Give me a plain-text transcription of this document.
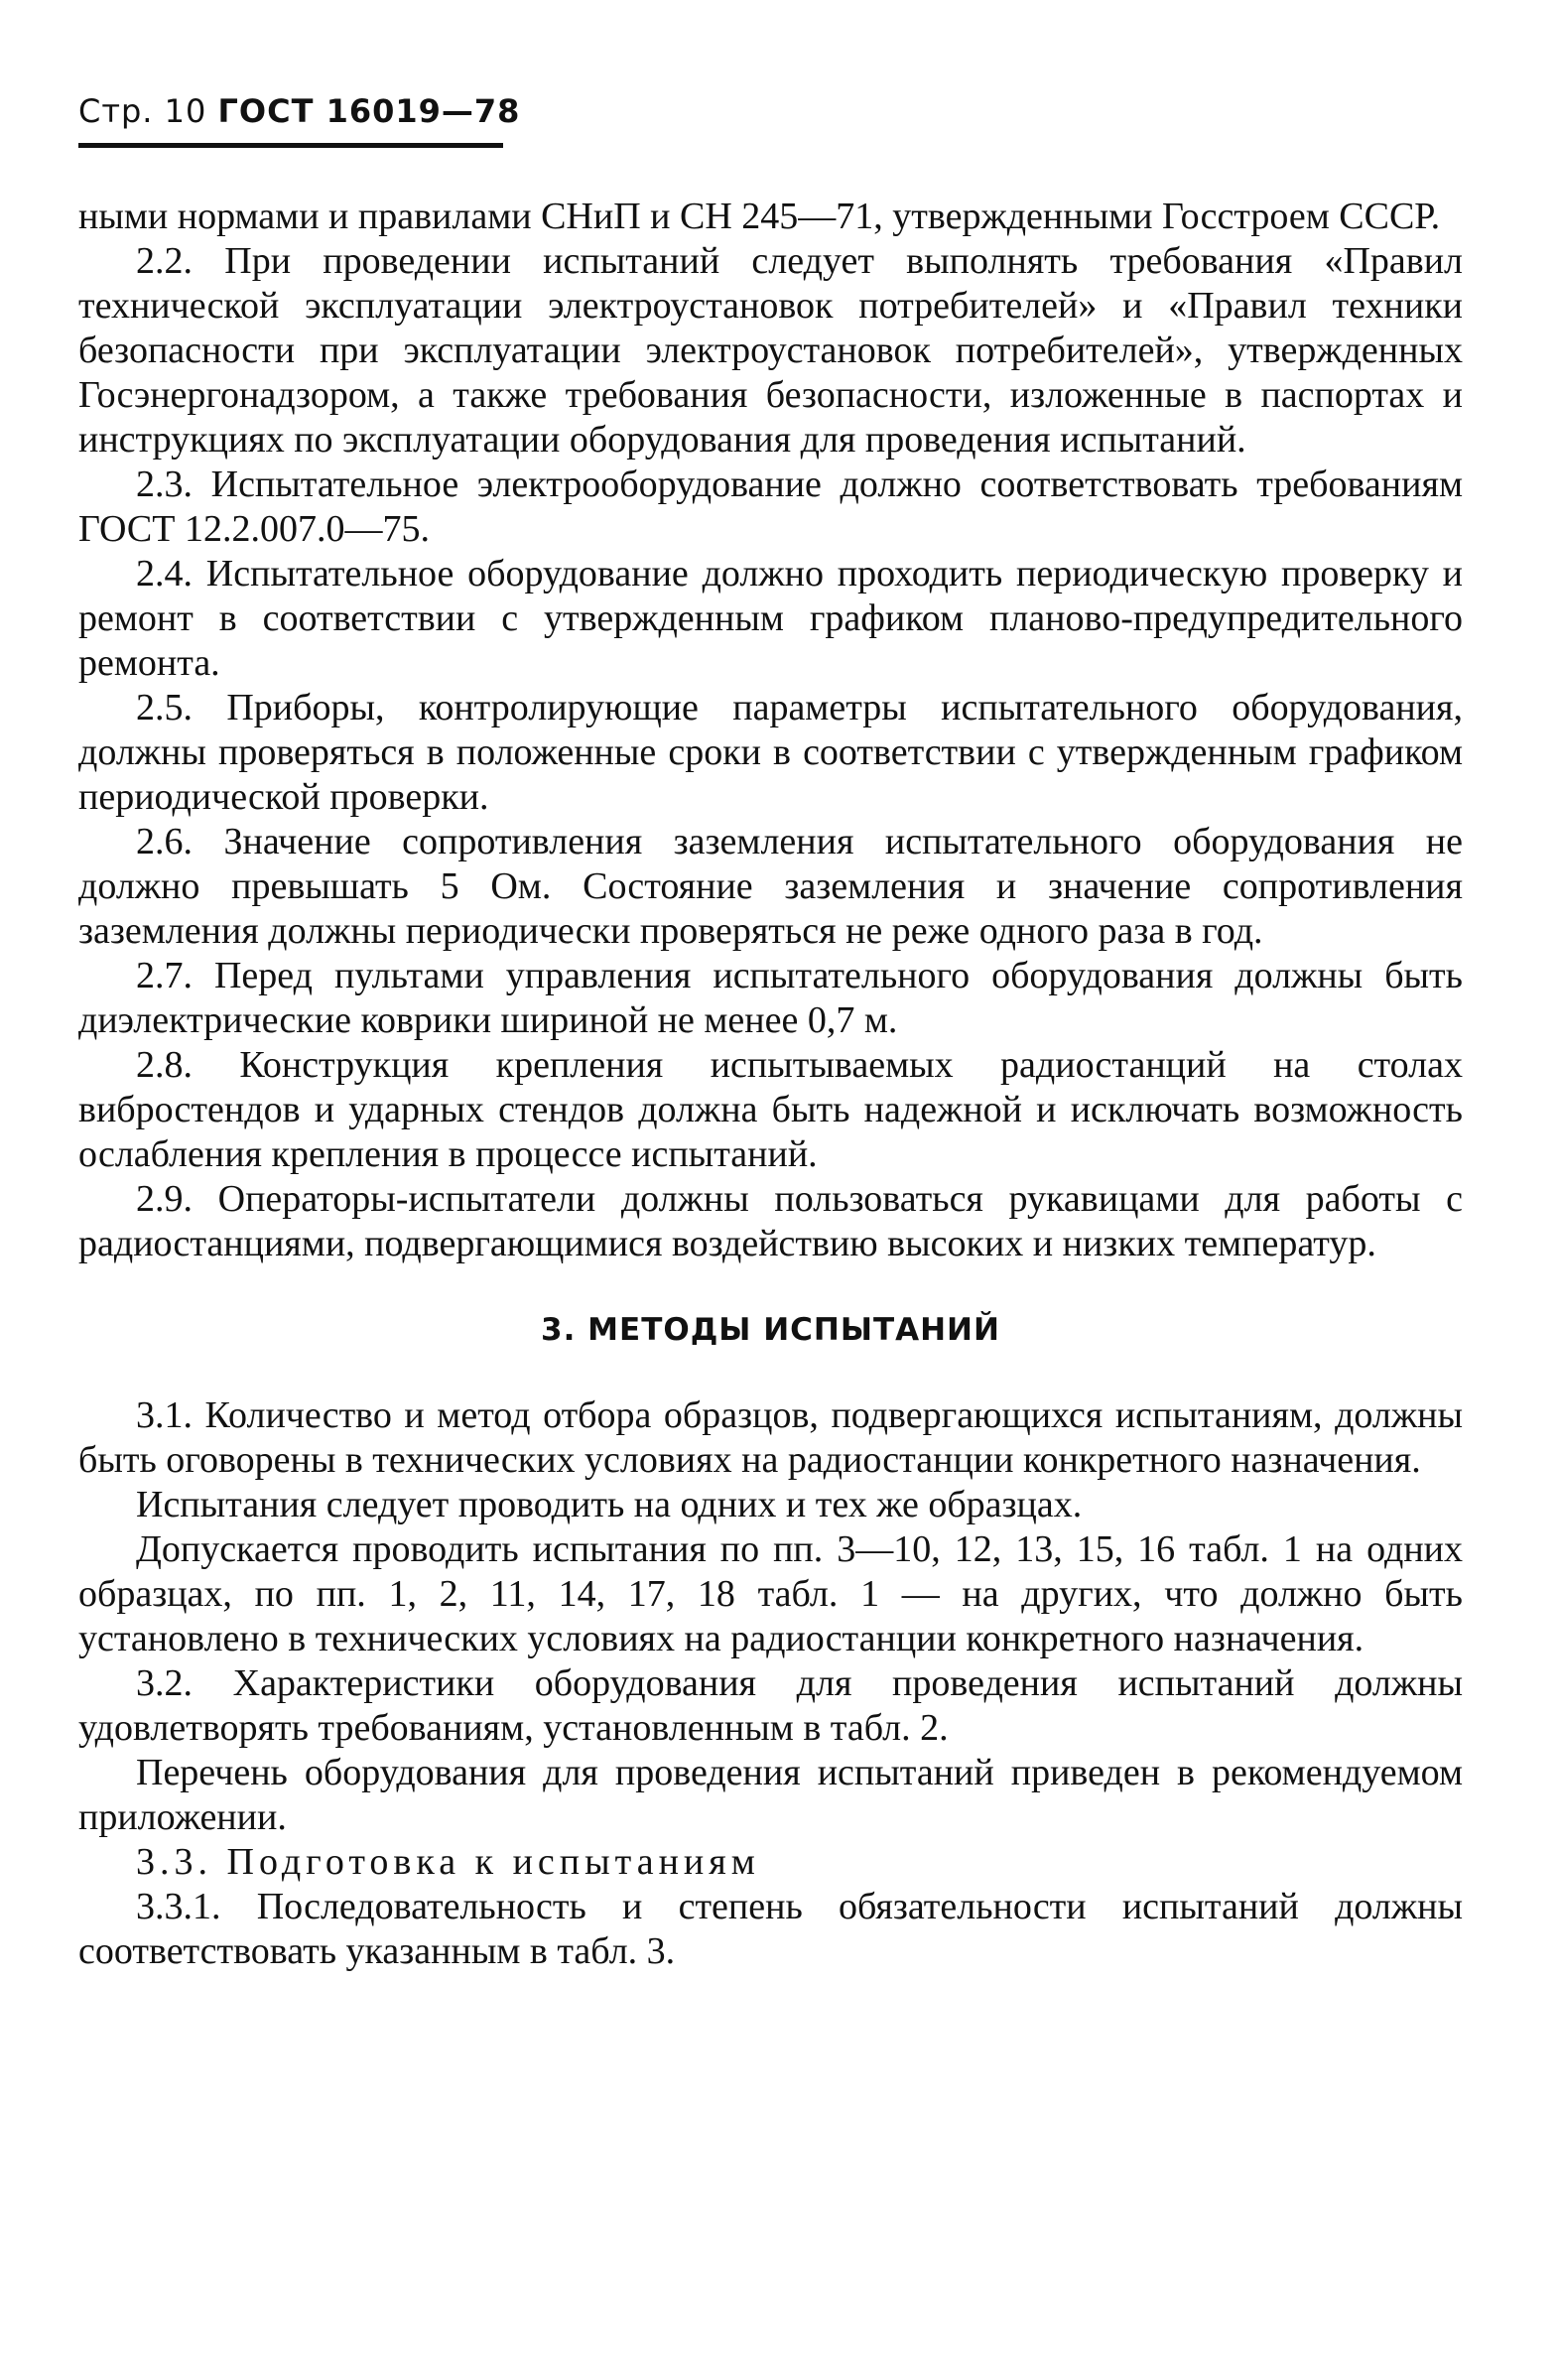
Стр. 10 ГОСТ 16019—78

ными нормами и правилами СНиП и СН 245—71, утвержденными Госстроем СССР.

2.2. При проведении испытаний следует выполнять требования «Правил технической эксплуатации электроустановок потребителей» и «Правил техники безопасности при эксплуатации электроустановок потребителей», утвержденных Госэнергонадзором, а также требования безопасности, изложенные в паспортах и инструкциях по эксплуатации оборудования для проведения испытаний.

2.3. Испытательное электрооборудование должно соответствовать требованиям ГОСТ 12.2.007.0—75.

2.4. Испытательное оборудование должно проходить периодическую проверку и ремонт в соответствии с утвержденным графиком планово-предупредительного ремонта.

2.5. Приборы, контролирующие параметры испытательного оборудования, должны проверяться в положенные сроки в соответствии с утвержденным графиком периодической проверки.

2.6. Значение сопротивления заземления испытательного оборудования не должно превышать 5 Ом. Состояние заземления и значение сопротивления заземления должны периодически проверяться не реже одного раза в год.

2.7. Перед пультами управления испытательного оборудования должны быть диэлектрические коврики шириной не менее 0,7 м.

2.8. Конструкция крепления испытываемых радиостанций на столах вибростендов и ударных стендов должна быть надежной и исключать возможность ослабления крепления в процессе испытаний.

2.9. Операторы-испытатели должны пользоваться рукавицами для работы с радиостанциями, подвергающимися воздействию высоких и низких температур.

3. МЕТОДЫ ИСПЫТАНИЙ

3.1. Количество и метод отбора образцов, подвергающихся испытаниям, должны быть оговорены в технических условиях на радиостанции конкретного назначения.

Испытания следует проводить на одних и тех же образцах.

Допускается проводить испытания по пп. 3—10, 12, 13, 15, 16 табл. 1 на одних образцах, по пп. 1, 2, 11, 14, 17, 18 табл. 1 — на других, что должно быть установлено в технических условиях на радиостанции конкретного назначения.

3.2. Характеристики оборудования для проведения испытаний должны удовлетворять требованиям, установленным в табл. 2.

Перечень оборудования для проведения испытаний приведен в рекомендуемом приложении.

3.3. Подготовка к испытаниям

3.3.1. Последовательность и степень обязательности испытаний должны соответствовать указанным в табл. 3.
